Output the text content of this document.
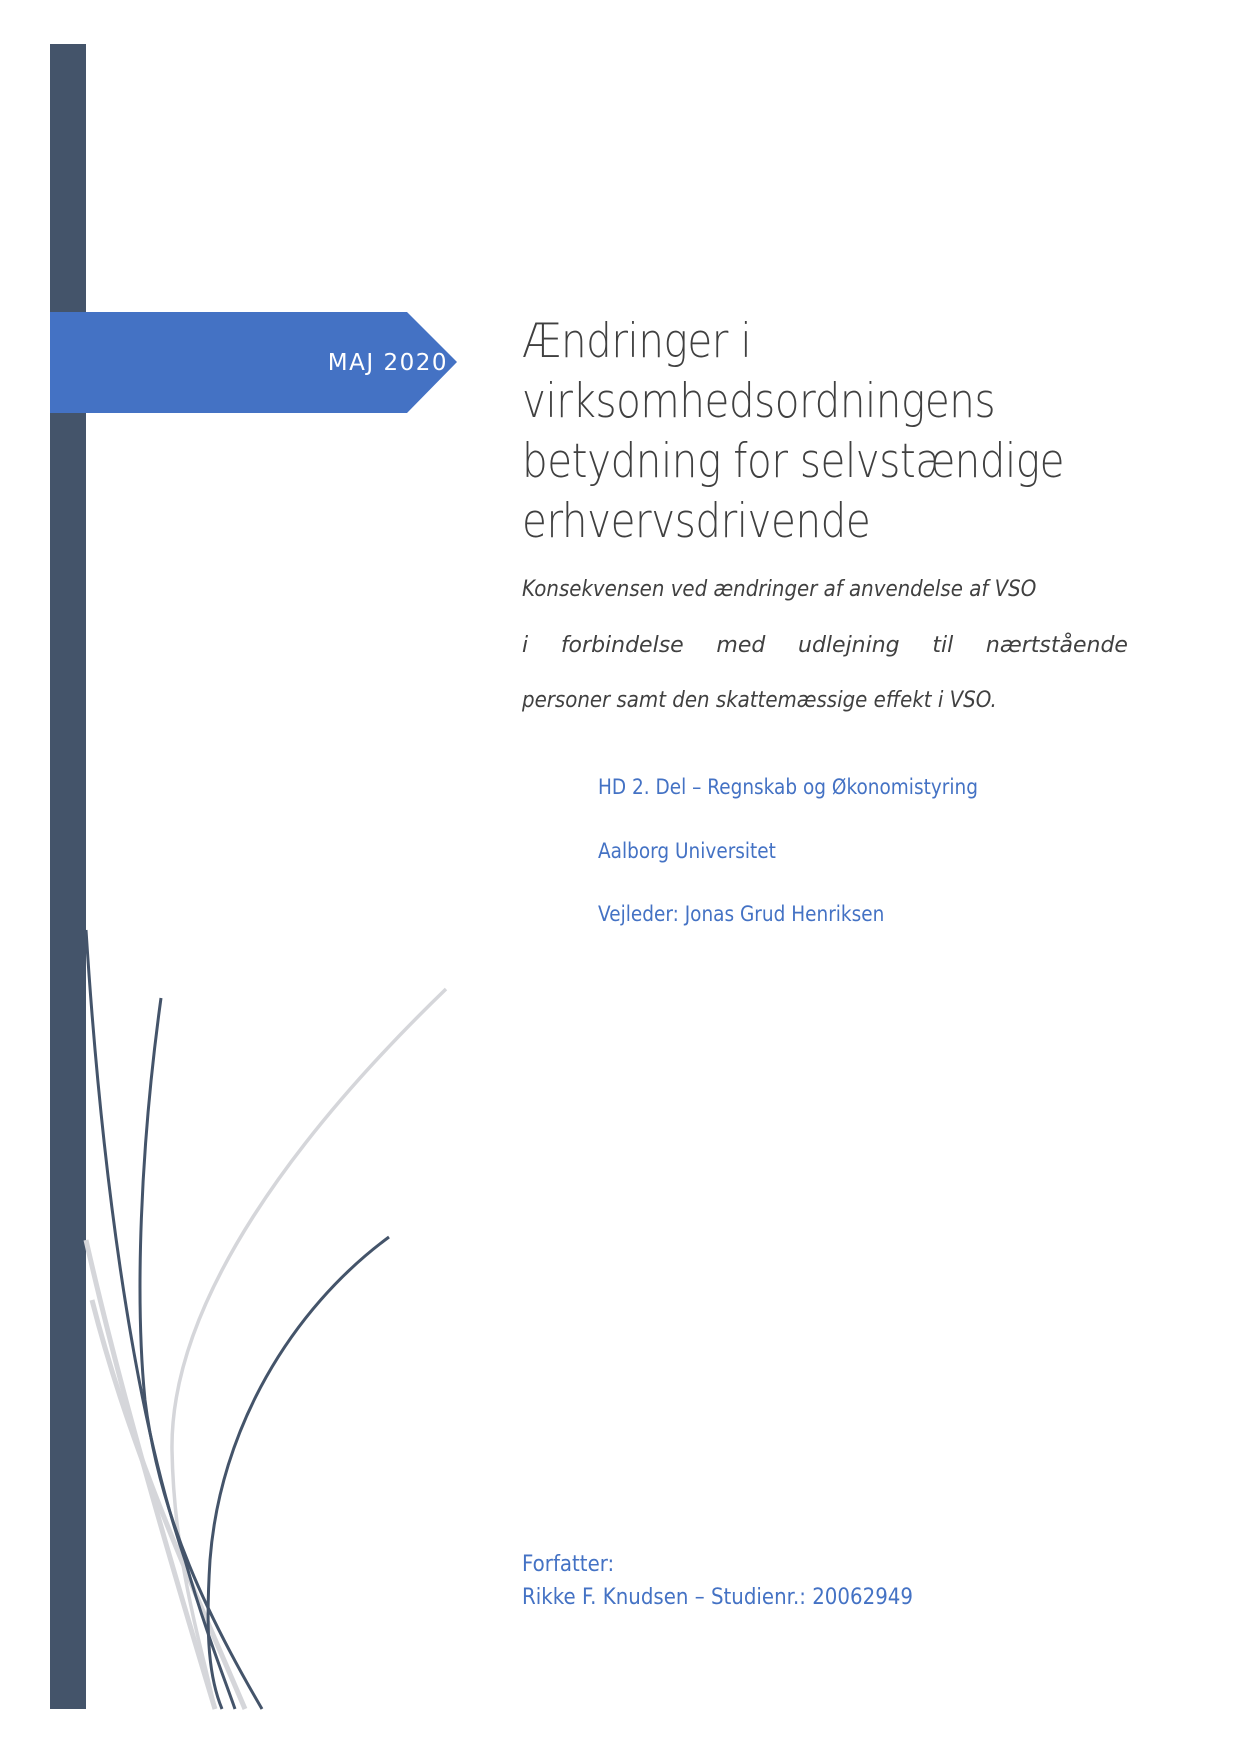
MAJ 2020 Ændringer i
virksomhedsordningens
betydning for selvstændige
erhvervsdrivende
Konsekvensen ved ændringer af anvendelse af VSO
i forbindelse med udlejning til nærtstående
personer samt den skattemæssige effekt i VSO.
HD 2. Del – Regnskab og Økonomistyring
Aalborg Universitet
Vejleder: Jonas Grud Henriksen
Forfatter:
Rikke F. Knudsen – Studienr.: 20062949
